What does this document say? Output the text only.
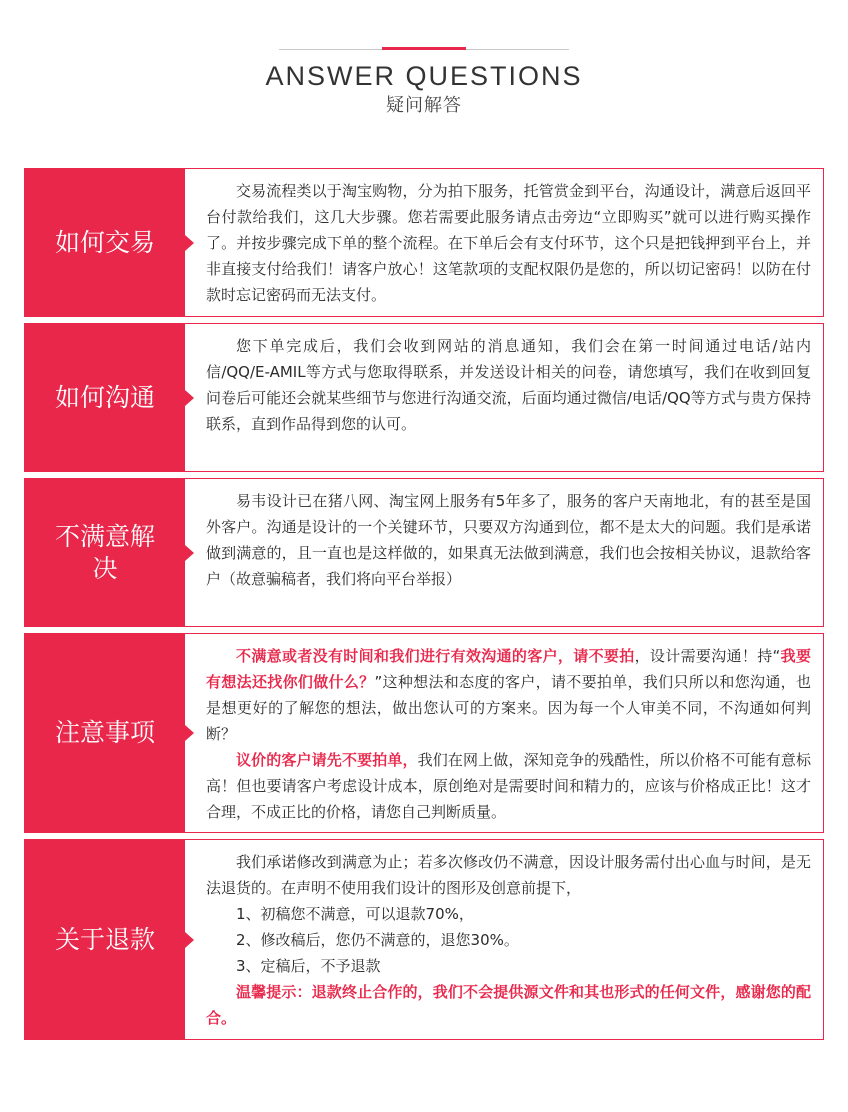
ANSWER QUESTIONS
疑问解答
如何交易

交易流程类以于淘宝购物，分为拍下服务，托管赏金到平台，沟通设计，满意后返回平台付款给我们，这几大步骤。您若需要此服务请点击旁边“立即购买”就可以进行购买操作了。并按步骤完成下单的整个流程。在下单后会有支付环节，这个只是把钱押到平台上，并非直接支付给我们！请客户放心！这笔款项的支配权限仍是您的，所以切记密码！以防在付款时忘记密码而无法支付。

如何沟通

您下单完成后，我们会收到网站的消息通知，我们会在第一时间通过电话/站内信/QQ/E-AMIL等方式与您取得联系，并发送设计相关的问卷，请您填写，我们在收到回复问卷后可能还会就某些细节与您进行沟通交流，后面均通过微信/电话/QQ等方式与贵方保持联系，直到作品得到您的认可。

不满意解决

易韦设计已在猪八网、淘宝网上服务有5年多了，服务的客户天南地北，有的甚至是国外客户。沟通是设计的一个关键环节，只要双方沟通到位，都不是太大的问题。我们是承诺做到满意的，且一直也是这样做的，如果真无法做到满意，我们也会按相关协议，退款给客户（故意骗稿者，我们将向平台举报）

注意事项

不满意或者没有时间和我们进行有效沟通的客户，请不要拍，设计需要沟通！持“我要有想法还找你们做什么？”这种想法和态度的客户，请不要拍单，我们只所以和您沟通，也是想更好的了解您的想法，做出您认可的方案来。因为每一个人审美不同，不沟通如何判断？

议价的客户请先不要拍单，我们在网上做，深知竞争的残酷性，所以价格不可能有意标高！但也要请客户考虑设计成本，原创绝对是需要时间和精力的，应该与价格成正比！这才合理，不成正比的价格，请您自己判断质量。

关于退款

我们承诺修改到满意为止；若多次修改仍不满意，因设计服务需付出心血与时间，是无法退货的。在声明不使用我们设计的图形及创意前提下，

1、初稿您不满意，可以退款70%，

2、修改稿后，您仍不满意的，退您30%。

3、定稿后，不予退款

温馨提示：退款终止合作的，我们不会提供源文件和其也形式的任何文件，感谢您的配合。
